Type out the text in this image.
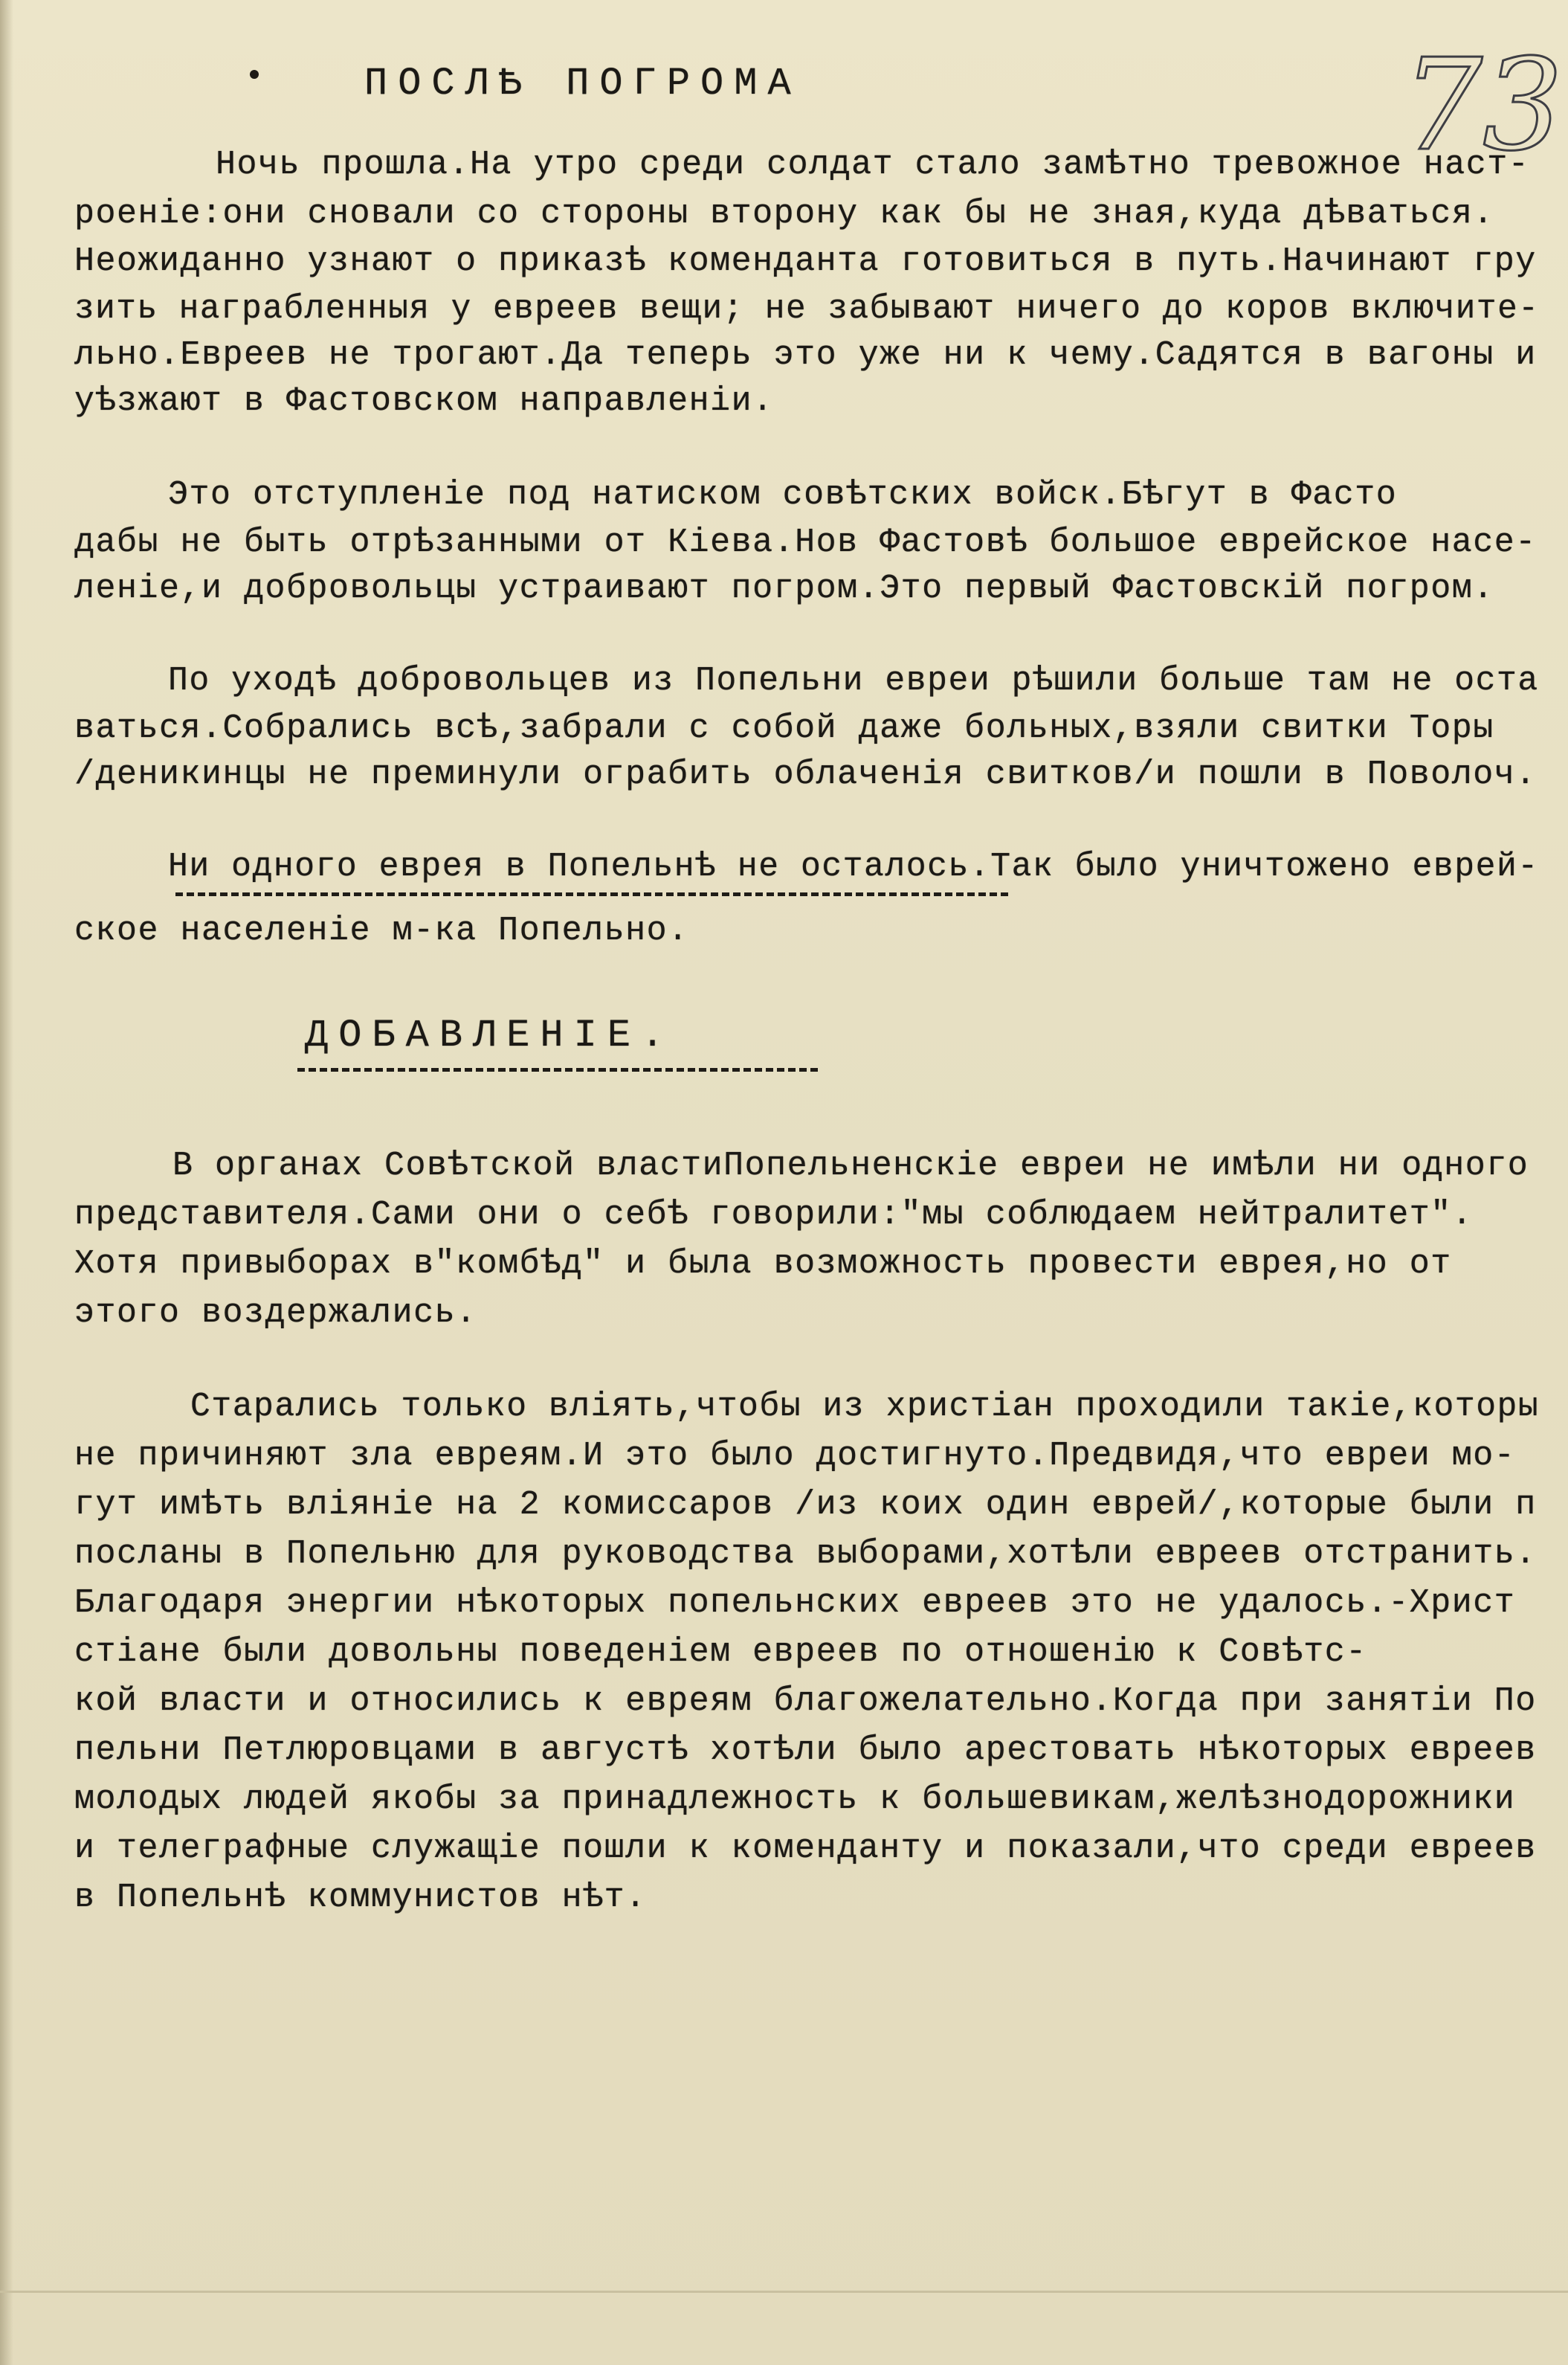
ПОСЛѢ ПОГРОМА	73
Ночь прошла.На утро среди солдат стало замѣтно тревожное наст-
роеніе:они сновали со стороны второну как бы не зная,куда дѣваться.
Неожиданно узнают о приказѣ коменданта готовиться в путь.Начинают гру
зить награбленныя у евреев вещи; не забывают ничего до коров включите-
льно.Евреев не трогают.Да теперь это уже ни к чему.Садятся в вагоны и
уѣзжают в Фастовском направленіи.
Это отступленіе под натиском совѣтских войск.Бѣгут в Фасто
дабы не быть отрѣзанными от Кіева.Нов Фастовѣ большое еврейское насе-
леніе,и добровольцы устраивают погром.Это первый Фастовскій погром.
По уходѣ добровольцев из Попельни евреи рѣшили больше там не оста
ваться.Собрались всѣ,забрали с собой даже больных,взяли свитки Торы
/деникинцы не преминули ограбить облаченія свитков/и пошли в Поволоч.
Ни одного еврея в Попельнѣ не осталось.Так было уничтожено еврей-
ское населеніе м-ка Попельно.
ДОБАВЛЕНІЕ.
В органах Совѣтской властиПопельненскіе евреи не имѣли ни одного
представителя.Сами они о себѣ говорили:"мы соблюдаем нейтралитет".
Хотя привыборах в"комбѣд" и была возможность провести еврея,но от
этого воздержались.
Старались только влiять,чтобы из христіан проходили такіе,которы
не причиняют зла евреям.И это было достигнуто.Предвидя,что евреи мо-
гут имѣть вліяніе на 2 комиссаров /из коих один еврей/,которые были п
посланы в Попельню для руководства выборами,хотѣли евреев отстранить.
Благодаря энергии нѣкоторых попельнских евреев это не удалось.-Христ
стіане были довольны поведеніем евреев по отношенію к Совѣтс-
кой власти и относились к евреям благожелательно.Когда при занятіи По
пельни Петлюровцами в августѣ хотѣли было арестовать нѣкоторых евреев
молодых людей якобы за принадлежность к большевикам,желѣзнодорожники
и телеграфные служащіе пошли к коменданту и показали,что среди евреев
в Попельнѣ коммунистов нѣт.
